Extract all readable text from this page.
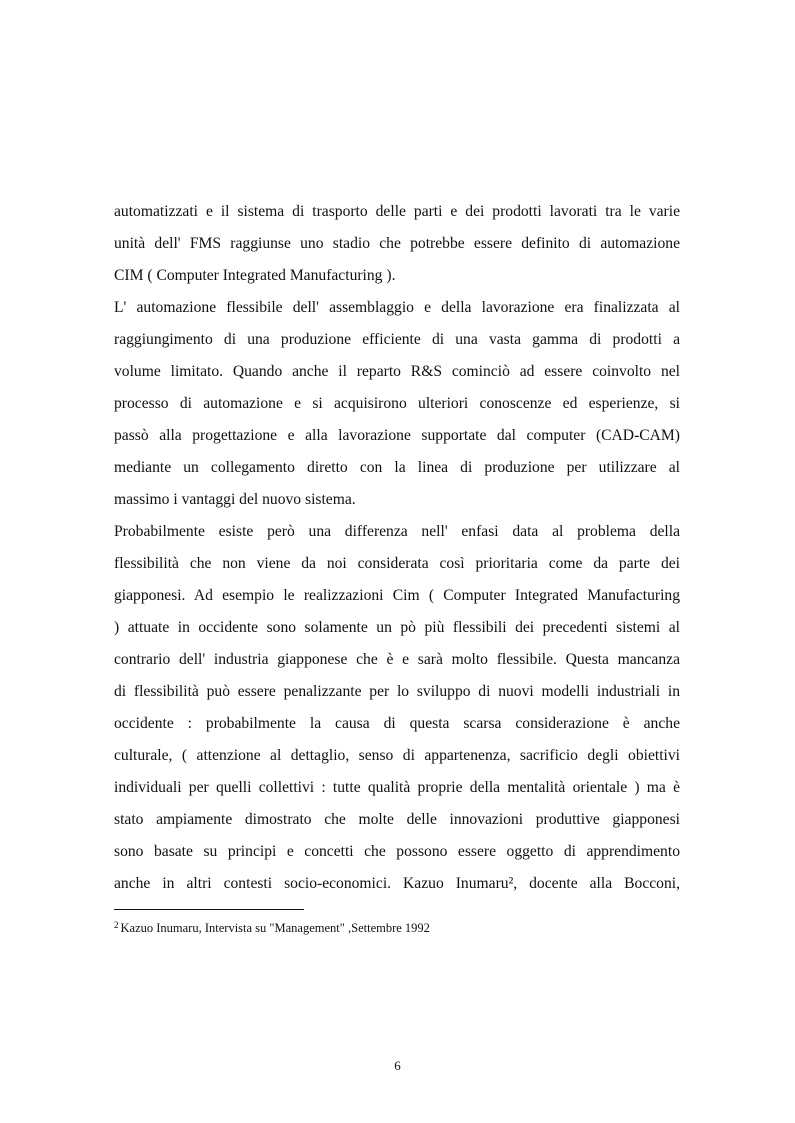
automatizzati e il sistema di trasporto delle parti e dei prodotti lavorati tra le varie
unità dell' FMS raggiunse uno stadio che potrebbe essere definito di automazione
CIM ( Computer Integrated Manufacturing ).
L' automazione flessibile dell' assemblaggio e della lavorazione era finalizzata al
raggiungimento di una produzione efficiente di una vasta gamma di prodotti a
volume limitato. Quando anche il reparto R&S cominciò ad essere coinvolto nel
processo di automazione e si acquisirono ulteriori conoscenze ed esperienze, si
passò alla progettazione e alla lavorazione supportate dal computer (CAD-CAM)
mediante un collegamento diretto con la linea di produzione per utilizzare al
massimo i vantaggi del nuovo sistema.
Probabilmente esiste però una differenza nell' enfasi data al problema della
flessibilità che non viene da noi considerata così prioritaria come da parte dei
giapponesi. Ad esempio le realizzazioni Cim ( Computer Integrated Manufacturing
) attuate in occidente sono solamente un pò più flessibili dei precedenti sistemi al
contrario dell' industria giapponese che è e sarà molto flessibile. Questa mancanza
di flessibilità può essere penalizzante per lo sviluppo di nuovi modelli industriali in
occidente : probabilmente la causa di questa scarsa considerazione è anche
culturale, ( attenzione al dettaglio, senso di appartenenza, sacrificio degli obiettivi
individuali per quelli collettivi : tutte qualità proprie della mentalità orientale ) ma è
stato ampiamente dimostrato che molte delle innovazioni produttive giapponesi
sono basate su principi e concetti che possono essere oggetto di apprendimento
anche in altri contesti socio-economici. Kazuo Inumaru², docente alla Bocconi,
$^2$ Kazuo Inumaru, Intervista su "Management" ,Settembre 1992
6
